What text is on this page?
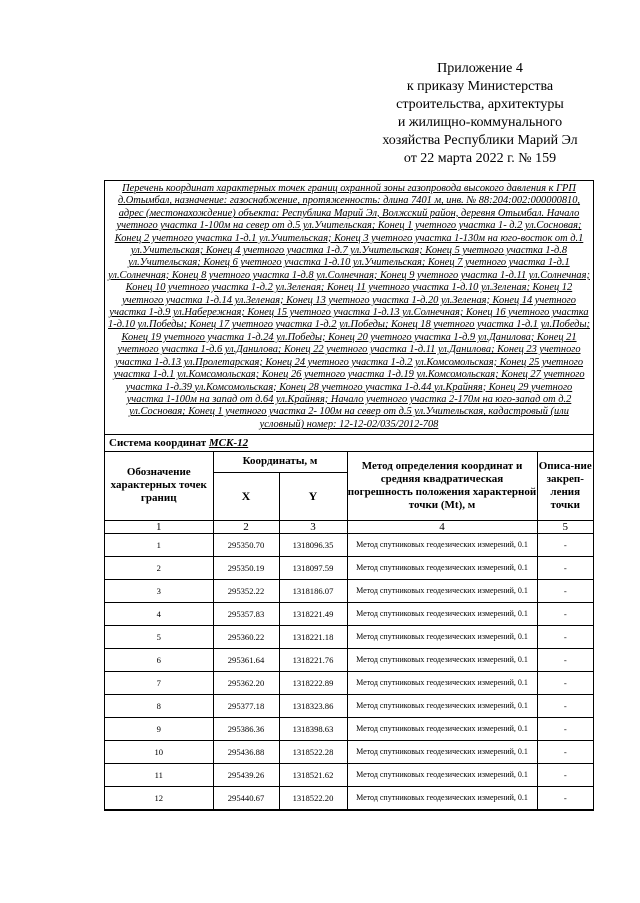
Приложение 4
к приказу Министерства
строительства, архитектуры
и жилищно-коммунального
хозяйства Республики Марий Эл
от 22 марта 2022 г. № 159
Перечень координат характерных точек границ охранной зоны газопровода высокого давления к ГРП д.Отымбал, назначение: газоснабжение, протяженность: длина 7401 м, инв. № 88:204:002:000000810, адрес (местонахождение) объекта: Республика Марий Эл, Волжский район, деревня Отымбал. Начало учетного участка 1-100м на север от д.5 ул.Учительская; Конец 1 учетного участка 1- д.2 ул.Сосновая; Конец 2 учетного участка 1-д.1 ул.Учительская; Конец 3 учетного участка 1-130м на юго-восток от д.1 ул.Учительская; Конец 4 учетного участка 1-д.7 ул.Учительская; Конец 5 учетного участка 1-д.8 ул.Учительская; Конец 6 учетного участка 1-д.10 ул.Учительская; Конец 7 учетного участка 1-д.1 ул.Солнечная; Конец 8 учетного участка 1-д.8 ул.Солнечная; Конец 9 учетного участка 1-д.11 ул.Солнечная; Конец 10 учетного участка 1-д.2 ул.Зеленая; Конец 11 учетного участка 1-д.10 ул.Зеленая; Конец 12 учетного участка 1-д.14 ул.Зеленая; Конец 13 учетного участка 1-д.20 ул.Зеленая; Конец 14 учетного участка 1-д.9 ул.Набережная; Конец 15 учетного участка 1-д.13 ул.Солнечная; Конец 16 учетного участка 1-д.10 ул.Победы; Конец 17 учетного участка 1-д.2 ул.Победы; Конец 18 учетного участка 1-д.1 ул.Победы; Конец 19 учетного участка 1-д.24 ул.Победы; Конец 20 учетного участка 1-д.9 ул.Данилова; Конец 21 учетного участка 1-д.6 ул.Данилова; Конец 22 учетного участка 1-д.11 ул.Данилова; Конец 23 учетного участка 1-д.13 ул.Пролетарская; Конец 24 учетного участка 1-д.2 ул.Комсомольская; Конец 25 учетного участка 1-д.1 ул.Комсомольская; Конец 26 учетного участка 1-д.19 ул.Комсомольская; Конец 27 учетного участка 1-д.39 ул.Комсомольская; Конец 28 учетного участка 1-д.44 ул.Крайняя; Конец 29 учетного участка 1-100м на запад от д.64 ул.Крайняя; Начало учетного участка 2-170м на юго-запад от д.2 ул.Сосновая; Конец 1 учетного участка 2- 100м на север от д.5 ул.Учительская, кадастровый (или условный) номер: 12-12-02/035/2012-708
Система координат МСК-12
Обозначение характерных точек границ	Координаты, м		Метод определения координат и средняя квадратическая погрешность положения характерной точки (Mt), м	Описа-ние закреп-ления точки
	X	Y		
1	2	3	4	5
1	295350.70	1318096.35	Метод спутниковых геодезических измерений, 0.1	-
2	295350.19	1318097.59	Метод спутниковых геодезических измерений, 0.1	-
3	295352.22	1318186.07	Метод спутниковых геодезических измерений, 0.1	-
4	295357.83	1318221.49	Метод спутниковых геодезических измерений, 0.1	-
5	295360.22	1318221.18	Метод спутниковых геодезических измерений, 0.1	-
6	295361.64	1318221.76	Метод спутниковых геодезических измерений, 0.1	-
7	295362.20	1318222.89	Метод спутниковых геодезических измерений, 0.1	-
8	295377.18	1318323.86	Метод спутниковых геодезических измерений, 0.1	-
9	295386.36	1318398.63	Метод спутниковых геодезических измерений, 0.1	-
10	295436.88	1318522.28	Метод спутниковых геодезических измерений, 0.1	-
11	295439.26	1318521.62	Метод спутниковых геодезических измерений, 0.1	-
12	295440.67	1318522.20	Метод спутниковых геодезических измерений, 0.1	-
